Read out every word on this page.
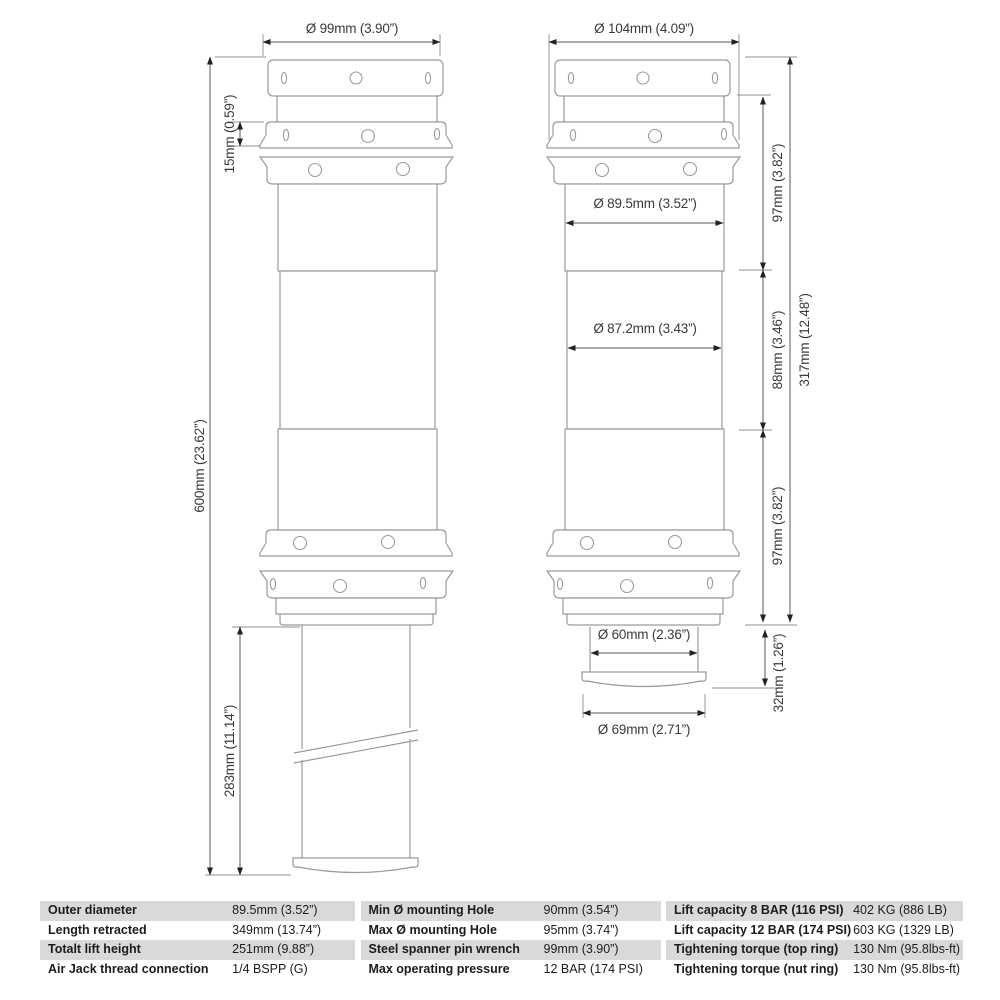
Ø 99mm (3.90”)
600mm (23.62”)
15mm (0.59”)
283mm (11.14”)
Ø 104mm (4.09”)
Ø 89.5mm (3.52”)
Ø 87.2mm (3.43”)
Ø 60mm (2.36”)
Ø 69mm (2.71”)
97mm (3.82”)
88mm (3.46”)
97mm (3.82”)
317mm (12.48”)
32mm (1.26”)
Outer diameter	89.5mm (3.52”)
Length retracted	349mm (13.74”)
Totalt lift height	251mm (9.88”)
Air Jack thread connection	1/4 BSPP (G)
Min Ø mounting Hole	90mm (3.54”)
Max Ø mounting Hole	95mm (3.74”)
Steel spanner pin wrench	99mm (3.90”)
Max operating pressure	12 BAR (174 PSI)
Lift capacity 8 BAR (116 PSI) 402 KG (886 LB)
Lift capacity 12 BAR (174 PSI) 603 KG (1329 LB)
Tightening torque (top ring)	130 Nm (95.8lbs-ft)
Tightening torque (nut ring)	130 Nm (95.8lbs-ft)
